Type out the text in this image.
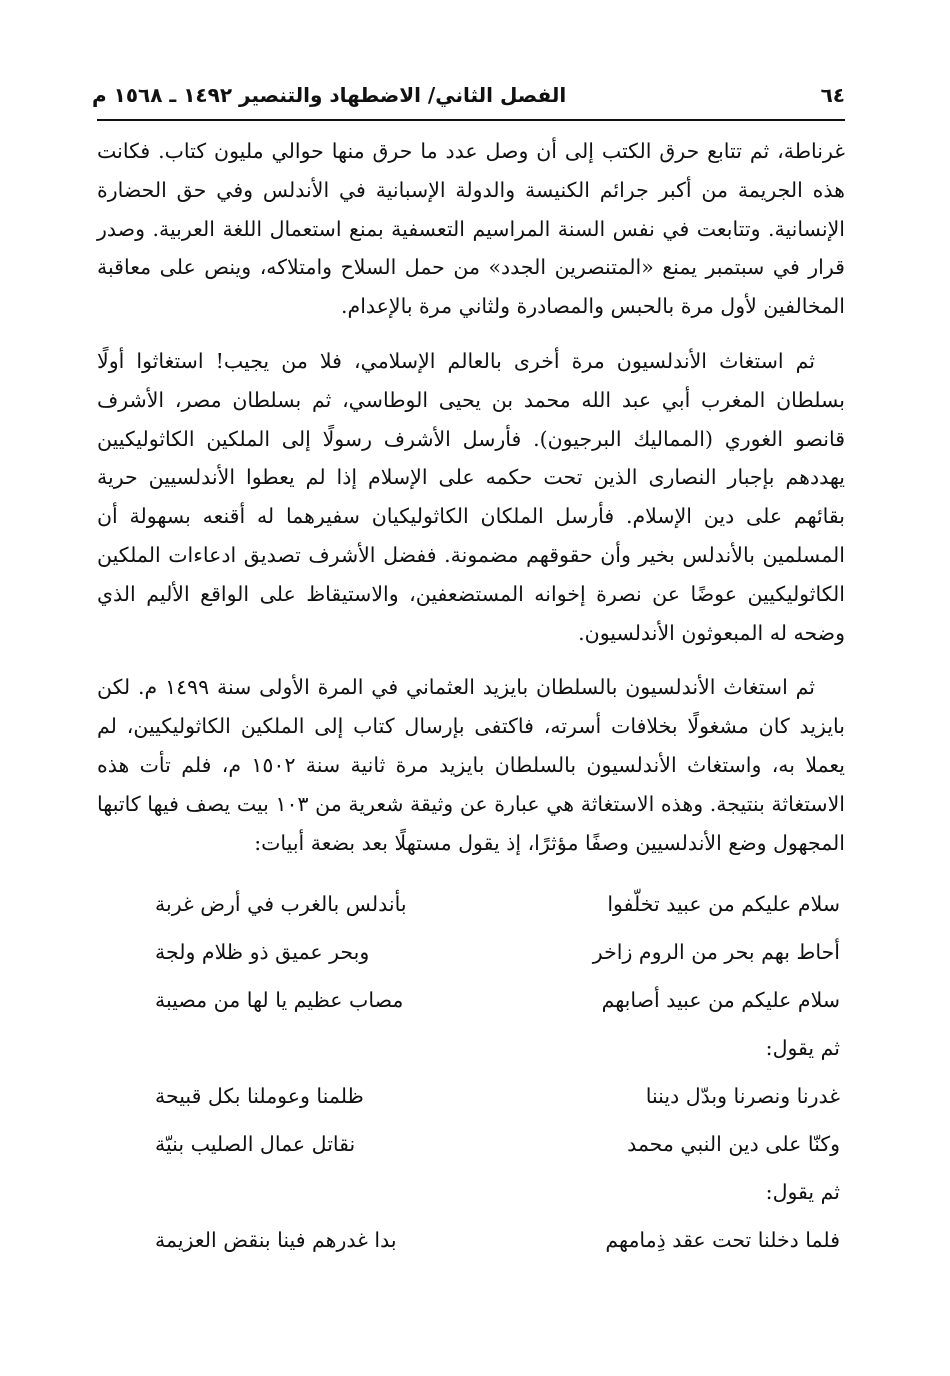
٦٤
الفصل الثاني/ الاضطهاد والتنصير ١٤٩٢ ـ ١٥٦٨ م

غرناطة، ثم تتابع حرق الكتب إلى أن وصل عدد ما حرق منها حوالي مليون كتاب. فكانت هذه الجريمة من أكبر جرائم الكنيسة والدولة الإسبانية في الأندلس وفي حق الحضارة الإنسانية. وتتابعت في نفس السنة المراسيم التعسفية بمنع استعمال اللغة العربية. وصدر قرار في سبتمبر يمنع «المتنصرين الجدد» من حمل السلاح وامتلاكه، وينص على معاقبة المخالفين لأول مرة بالحبس والمصادرة ولثاني مرة بالإعدام.

ثم استغاث الأندلسيون مرة أخرى بالعالم الإسلامي، فلا من يجيب! استغاثوا أولًا بسلطان المغرب أبي عبد الله محمد بن يحيى الوطاسي، ثم بسلطان مصر، الأشرف قانصو الغوري (المماليك البرجيون). فأرسل الأشرف رسولًا إلى الملكين الكاثوليكيين يهددهم بإجبار النصارى الذين تحت حكمه على الإسلام إذا لم يعطوا الأندلسيين حرية بقائهم على دين الإسلام. فأرسل الملكان الكاثوليكيان سفيرهما له أقنعه بسهولة أن المسلمين بالأندلس بخير وأن حقوقهم مضمونة. ففضل الأشرف تصديق ادعاءات الملكين الكاثوليكيين عوضًا عن نصرة إخوانه المستضعفين، والاستيقاظ على الواقع الأليم الذي وضحه له المبعوثون الأندلسيون.

ثم استغاث الأندلسيون بالسلطان بايزيد العثماني في المرة الأولى سنة ١٤٩٩ م. لكن بايزيد كان مشغولًا بخلافات أسرته، فاكتفى بإرسال كتاب إلى الملكين الكاثوليكيين، لم يعملا به، واستغاث الأندلسيون بالسلطان بايزيد مرة ثانية سنة ١٥٠٢ م، فلم تأت هذه الاستغاثة بنتيجة. وهذه الاستغاثة هي عبارة عن وثيقة شعرية من ١٠٣ بيت يصف فيها كاتبها المجهول وضع الأندلسيين وصفًا مؤثرًا، إذ يقول مستهلًا بعد بضعة أبيات:

سلام عليكم من عبيد تخلّفوا
بأندلس بالغرب في أرض غربة
أحاط بهم بحر من الروم زاخر
وبحر عميق ذو ظلام ولجة
سلام عليكم من عبيد أصابهم
مصاب عظيم يا لها من مصيبة
ثم يقول:
غدرنا ونصرنا وبدّل ديننا
ظلمنا وعوملنا بكل قبيحة
وكنّا على دين النبي محمد
نقاتل عمال الصليب بنيّة
ثم يقول:
فلما دخلنا تحت عقد ذِمامهم
بدا غدرهم فينا بنقض العزيمة
